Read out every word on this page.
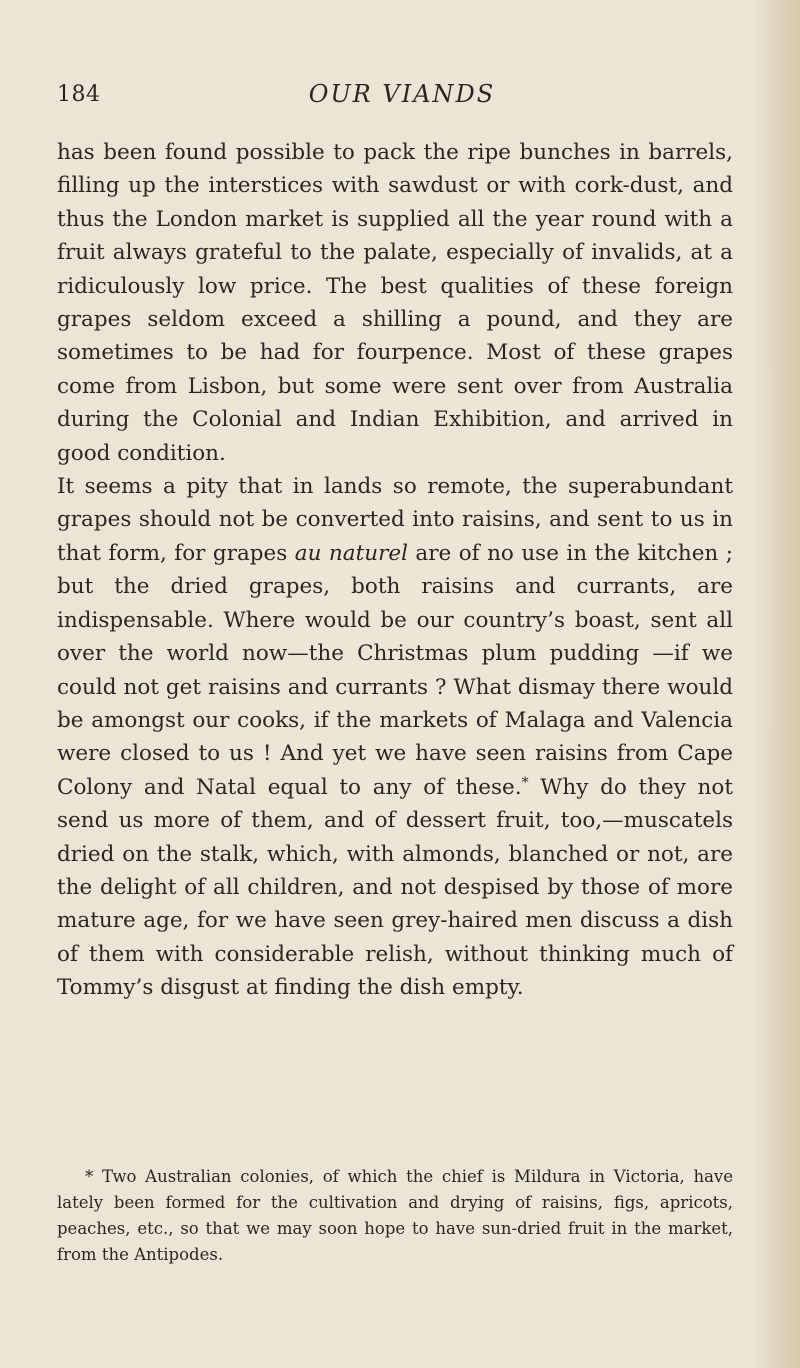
184	OUR VIANDS

has been found possible to pack the ripe bunches in barrels, filling up the interstices with sawdust or with cork-dust, and thus the London market is supplied all the year round with a fruit always grateful to the palate, especially of invalids, at a ridiculously low price. The best qualities of these foreign grapes seldom exceed a shilling a pound, and they are sometimes to be had for fourpence. Most of these grapes come from Lisbon, but some were sent over from Australia during the Colonial and Indian Exhibition, and arrived in good condition.

It seems a pity that in lands so remote, the superabundant grapes should not be converted into raisins, and sent to us in that form, for grapes au naturel are of no use in the kitchen ; but the dried grapes, both raisins and currants, are indispensable. Where would be our country’s boast, sent all over the world now—the Christmas plum pudding —if we could not get raisins and currants ? What dismay there would be amongst our cooks, if the markets of Malaga and Valencia were closed to us ! And yet we have seen raisins from Cape Colony and Natal equal to any of these.* Why do they not send us more of them, and of dessert fruit, too,—muscatels dried on the stalk, which, with almonds, blanched or not, are the delight of all children, and not despised by those of more mature age, for we have seen grey-haired men discuss a dish of them with considerable relish, without thinking much of Tommy’s disgust at finding the dish empty.

* Two Australian colonies, of which the chief is Mildura in Victoria, have lately been formed for the cultivation and drying of raisins, figs, apricots, peaches, etc., so that we may soon hope to have sun-dried fruit in the market, from the Antipodes.
